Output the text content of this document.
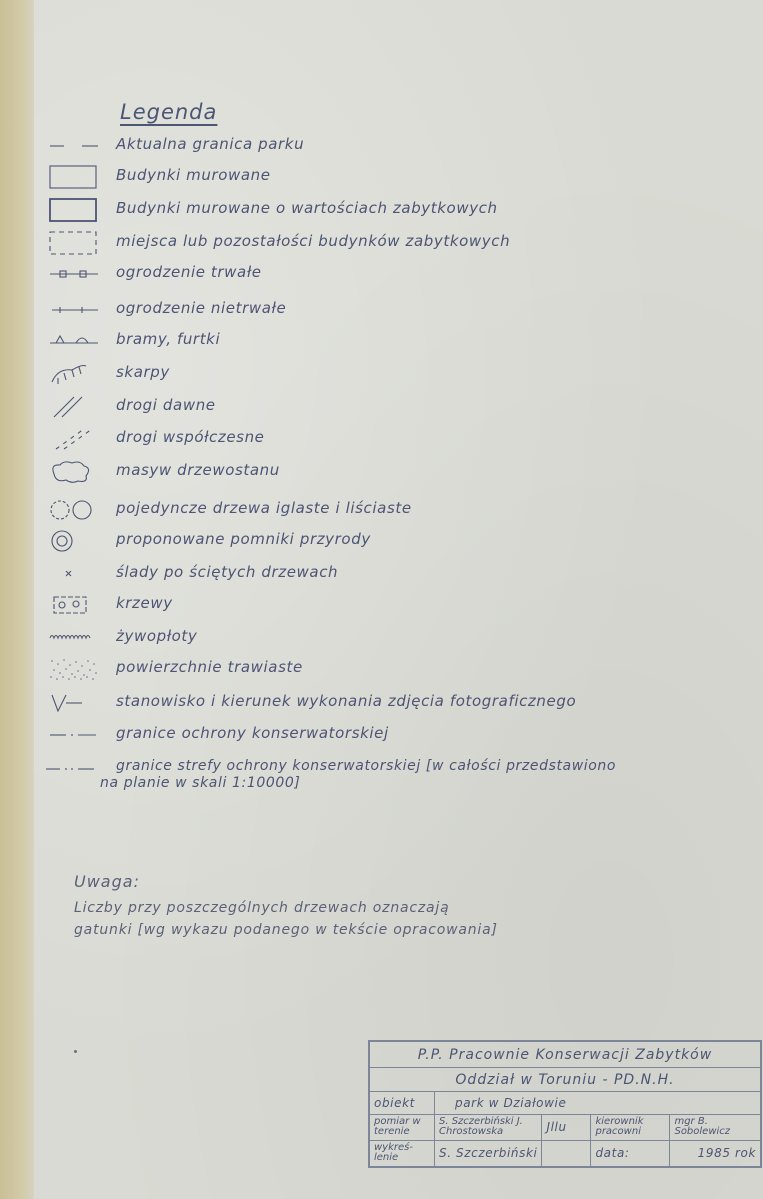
Legenda
Aktualna granica parku
Budynki murowane
Budynki murowane o wartościach zabytkowych
miejsca lub pozostałości budynków zabytkowych
ogrodzenie trwałe
ogrodzenie nietrwałe
bramy, furtki
skarpy
drogi dawne
drogi współczesne
masyw drzewostanu
pojedyncze drzewa iglaste i liściaste
proponowane pomniki przyrody
ślady po ściętych drzewach
krzewy
żywopłoty
powierzchnie trawiaste
stanowisko i kierunek wykonania zdjęcia fotograficznego
granice ochrony konserwatorskiej
granice strefy ochrony konserwatorskiej [w całości przedstawiono
na planie w skali 1:10000]
Uwaga:
Liczby przy poszczególnych drzewach oznaczają
gatunki [wg wykazu podanego w tekście opracowania]
P.P. Pracownie Konserwacji Zabytków				
Oddział w Toruniu - PD.N.H.				
obiekt	park w Działowie			
pomiar w terenie	S. Szczerbiński J. Chrostowska	Jllu	kierownik pracowni	mgr B. Sobolewicz
wykreś-lenie	S. Szczerbiński		data:	1985 rok
